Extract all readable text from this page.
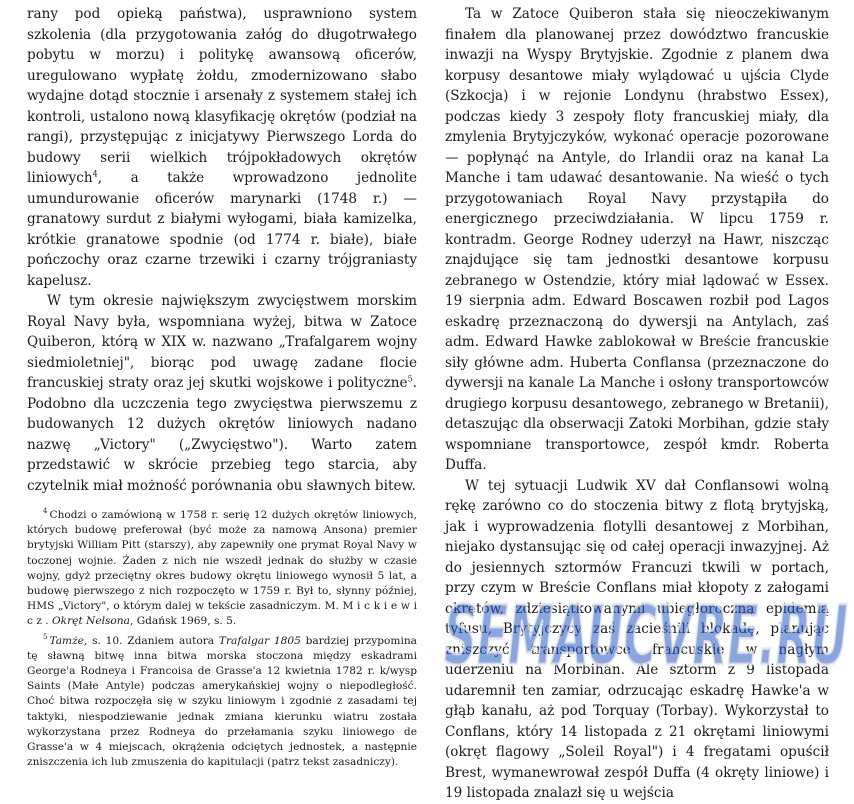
rany pod opieką państwa), usprawniono system szkolenia (dla przygotowania załóg do długotrwałego pobytu w morzu) i politykę awansową oficerów, uregulowano wypłatę żołdu, zmodernizowano słabo wydajne dotąd stocznie i arsenały z systemem stałej ich kontroli, ustalono nową klasyfikację okrętów (podział na rangi), przystępując z inicjatywy Pierwszego Lorda do budowy serii wielkich trójpokładowych okrętów liniowych$^4$, a także wprowadzono jednolite umundurowanie oficerów marynarki (1748 r.) — granatowy surdut z białymi wyłogami, biała kamizelka, krótkie granatowe spodnie (od 1774 r. białe), białe pończochy oraz czarne trzewiki i czarny trójgraniasty kapelusz.

W tym okresie największym zwycięstwem morskim Royal Navy była, wspomniana wyżej, bitwa w Zatoce Quiberon, którą w XIX w. nazwano „Trafalgarem wojny siedmioletniej", biorąc pod uwagę zadane flocie francuskiej straty oraz jej skutki wojskowe i polityczne$^5$. Podobno dla uczczenia tego zwycięstwa pierwszemu z budowanych 12 dużych okrętów liniowych nadano nazwę „Victory" („Zwycięstwo"). Warto zatem przedstawić w skrócie przebieg tego starcia, aby czytelnik miał możność porównania obu sławnych bitew.

$^4$ Chodzi o zamówioną w 1758 r. serię 12 dużych okrętów liniowych, których budowę preferował (być może za namową Ansona) premier brytyjski William Pitt (starszy), aby zapewniły one prymat Royal Navy w toczonej wojnie. Żaden z nich nie wszedł jednak do służby w czasie wojny, gdyż przeciętny okres budowy okrętu liniowego wynosił 5 lat, a budowę pierwszego z nich rozpoczęto w 1759 r. Był to, słynny później, HMS „Victory", o którym dalej w tekście zasadniczym. M. M i c k i e w i c z . Okręt Nelsona, Gdańsk 1969, s. 5.

$^5$ Tamże, s. 10. Zdaniem autora Trafalgar 1805 bardziej przypomina tę sławną bitwę inna bitwa morska stoczona między eskadrami George'a Rodneya i Francoisa de Grasse'a 12 kwietnia 1782 r. k/wysp Saints (Małe Antyle) podczas amerykańskiej wojny o niepodległość. Choć bitwa rozpoczęła się w szyku liniowym i zgodnie z zasadami tej taktyki, niespodziewanie jednak zmiana kierunku wiatru została wykorzystana przez Rodneya do przełamania szyku liniowego de Grasse'a w 4 miejscach, okrążenia odciętych jednostek, a następnie zniszczenia ich lub zmuszenia do kapitulacji (patrz tekst zasadniczy).

Ta w Zatoce Quiberon stała się nieoczekiwanym finałem dla planowanej przez dowództwo francuskie inwazji na Wyspy Brytyjskie. Zgodnie z planem dwa korpusy desantowe miały wylądować u ujścia Clyde (Szkocja) i w rejonie Londynu (hrabstwo Essex), podczas kiedy 3 zespoły floty francuskiej miały, dla zmylenia Brytyjczyków, wykonać operacje pozorowane — popłynąć na Antyle, do Irlandii oraz na kanał La Manche i tam udawać desantowanie. Na wieść o tych przygotowaniach Royal Navy przystąpiła do energicznego przeciwdziałania. W lipcu 1759 r. kontradm. George Rodney uderzył na Hawr, niszcząc znajdujące się tam jednostki desantowe korpusu zebranego w Ostendzie, który miał lądować w Essex. 19 sierpnia adm. Edward Boscawen rozbił pod Lagos eskadrę przeznaczoną do dywersji na Antylach, zaś adm. Edward Hawke zablokował w Breście francuskie siły główne adm. Huberta Conflansa (przeznaczone do dywersji na kanale La Manche i osłony transportowców drugiego korpusu desantowego, zebranego w Bretanii), detaszując dla obserwacji Zatoki Morbihan, gdzie stały wspomniane transportowce, zespół kmdr. Roberta Duffa.

W tej sytuacji Ludwik XV dał Conflansowi wolną rękę zarówno co do stoczenia bitwy z flotą brytyjską, jak i wyprowadzenia flotylli desantowej z Morbihan, niejako dystansując się od całej operacji inwazyjnej. Aż do jesiennych sztormów Francuzi tkwili w portach, przy czym w Breście Conflans miał kłopoty z załogami okrętów, zdziesiątkowanymi ubiegłoroczną epidemią tyfusu, Brytyjczycy zaś zacieśnili blokadę, planując zniszczyć transportowce francuskie w nagłym uderzeniu na Morbihan. Ale sztorm z 9 listopada udaremnił ten zamiar, odrzucając eskadrę Hawke'a w głąb kanału, aż pod Torquay (Torbay). Wykorzystał to Conflans, który 14 listopada z 21 okrętami liniowymi (okręt flagowy „Soleil Royal") i 4 fregatami opuścił Brest, wymanewrował zespół Duffa (4 okręty liniowe) i 19 listopada znalazł się u wejścia

SEMAUCVRE.RU
